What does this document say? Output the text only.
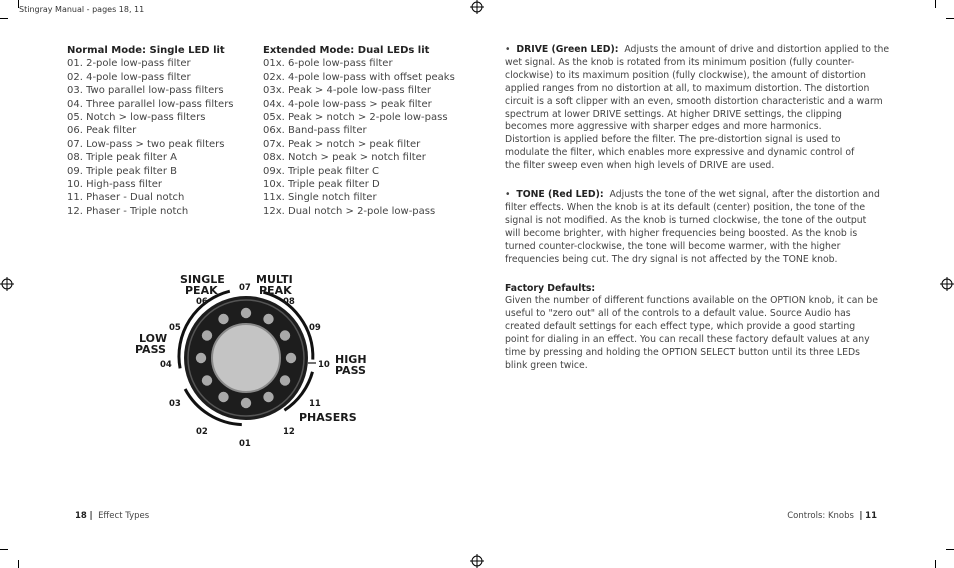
Stingray Manual - pages 18, 11
Normal Mode: Single LED lit
01. 2-pole low-pass filter
02. 4-pole low-pass filter
03. Two parallel low-pass filters
04. Three parallel low-pass filters
05. Notch > low-pass filters
06. Peak filter
07. Low-pass > two peak filters
08. Triple peak filter A
09. Triple peak filter B
10. High-pass filter
11. Phaser - Dual notch
12. Phaser - Triple notch
Extended Mode: Dual LEDs lit
01x. 6-pole low-pass filter
02x. 4-pole low-pass with offset peaks
03x. Peak > 4-pole low-pass filter
04x. 4-pole low-pass > peak filter
05x. Peak > notch > 2-pole low-pass
06x. Band-pass filter
07x. Peak > notch > peak filter
08x. Notch > peak > notch filter
09x. Triple peak filter C
10x. Triple peak filter D
11x. Single notch filter
12x. Dual notch > 2-pole low-pass
01
02
03
04
05
06
07
08
09
10
11
12
SINGLE
PEAK
MULTI
PEAK
LOW
PASS
HIGH
PASS
PHASERS

•  DRIVE (Green LED): Adjusts the amount of drive and distortion applied to the

wet signal. As the knob is rotated from its minimum position (fully counter-

clockwise) to its maximum position (fully clockwise), the amount of distortion

applied ranges from no distortion at all, to maximum distortion. The distortion

circuit is a soft clipper with an even, smooth distortion characteristic and a warm

spectrum at lower DRIVE settings. At higher DRIVE settings, the clipping

becomes more aggressive with sharper edges and more harmonics.

Distortion is applied before the filter. The pre-distortion signal is used to

modulate the filter, which enables more expressive and dynamic control of

the filter sweep even when high levels of DRIVE are used.

•  TONE (Red LED): Adjusts the tone of the wet signal, after the distortion and

filter effects. When the knob is at its default (center) position, the tone of the

signal is not modified. As the knob is turned clockwise, the tone of the output

will become brighter, with higher frequencies being boosted. As the knob is

turned counter-clockwise, the tone will become warmer, with the higher

frequencies being cut. The dry signal is not affected by the TONE knob.

Factory Defaults:

Given the number of different functions available on the OPTION knob, it can be

useful to "zero out" all of the controls to a default value. Source Audio has

created default settings for each effect type, which provide a good starting

point for dialing in an effect. You can recall these factory default values at any

time by pressing and holding the OPTION SELECT button until its three LEDs

blink green twice.

18 | Effect Types	Controls: Knobs | 11
